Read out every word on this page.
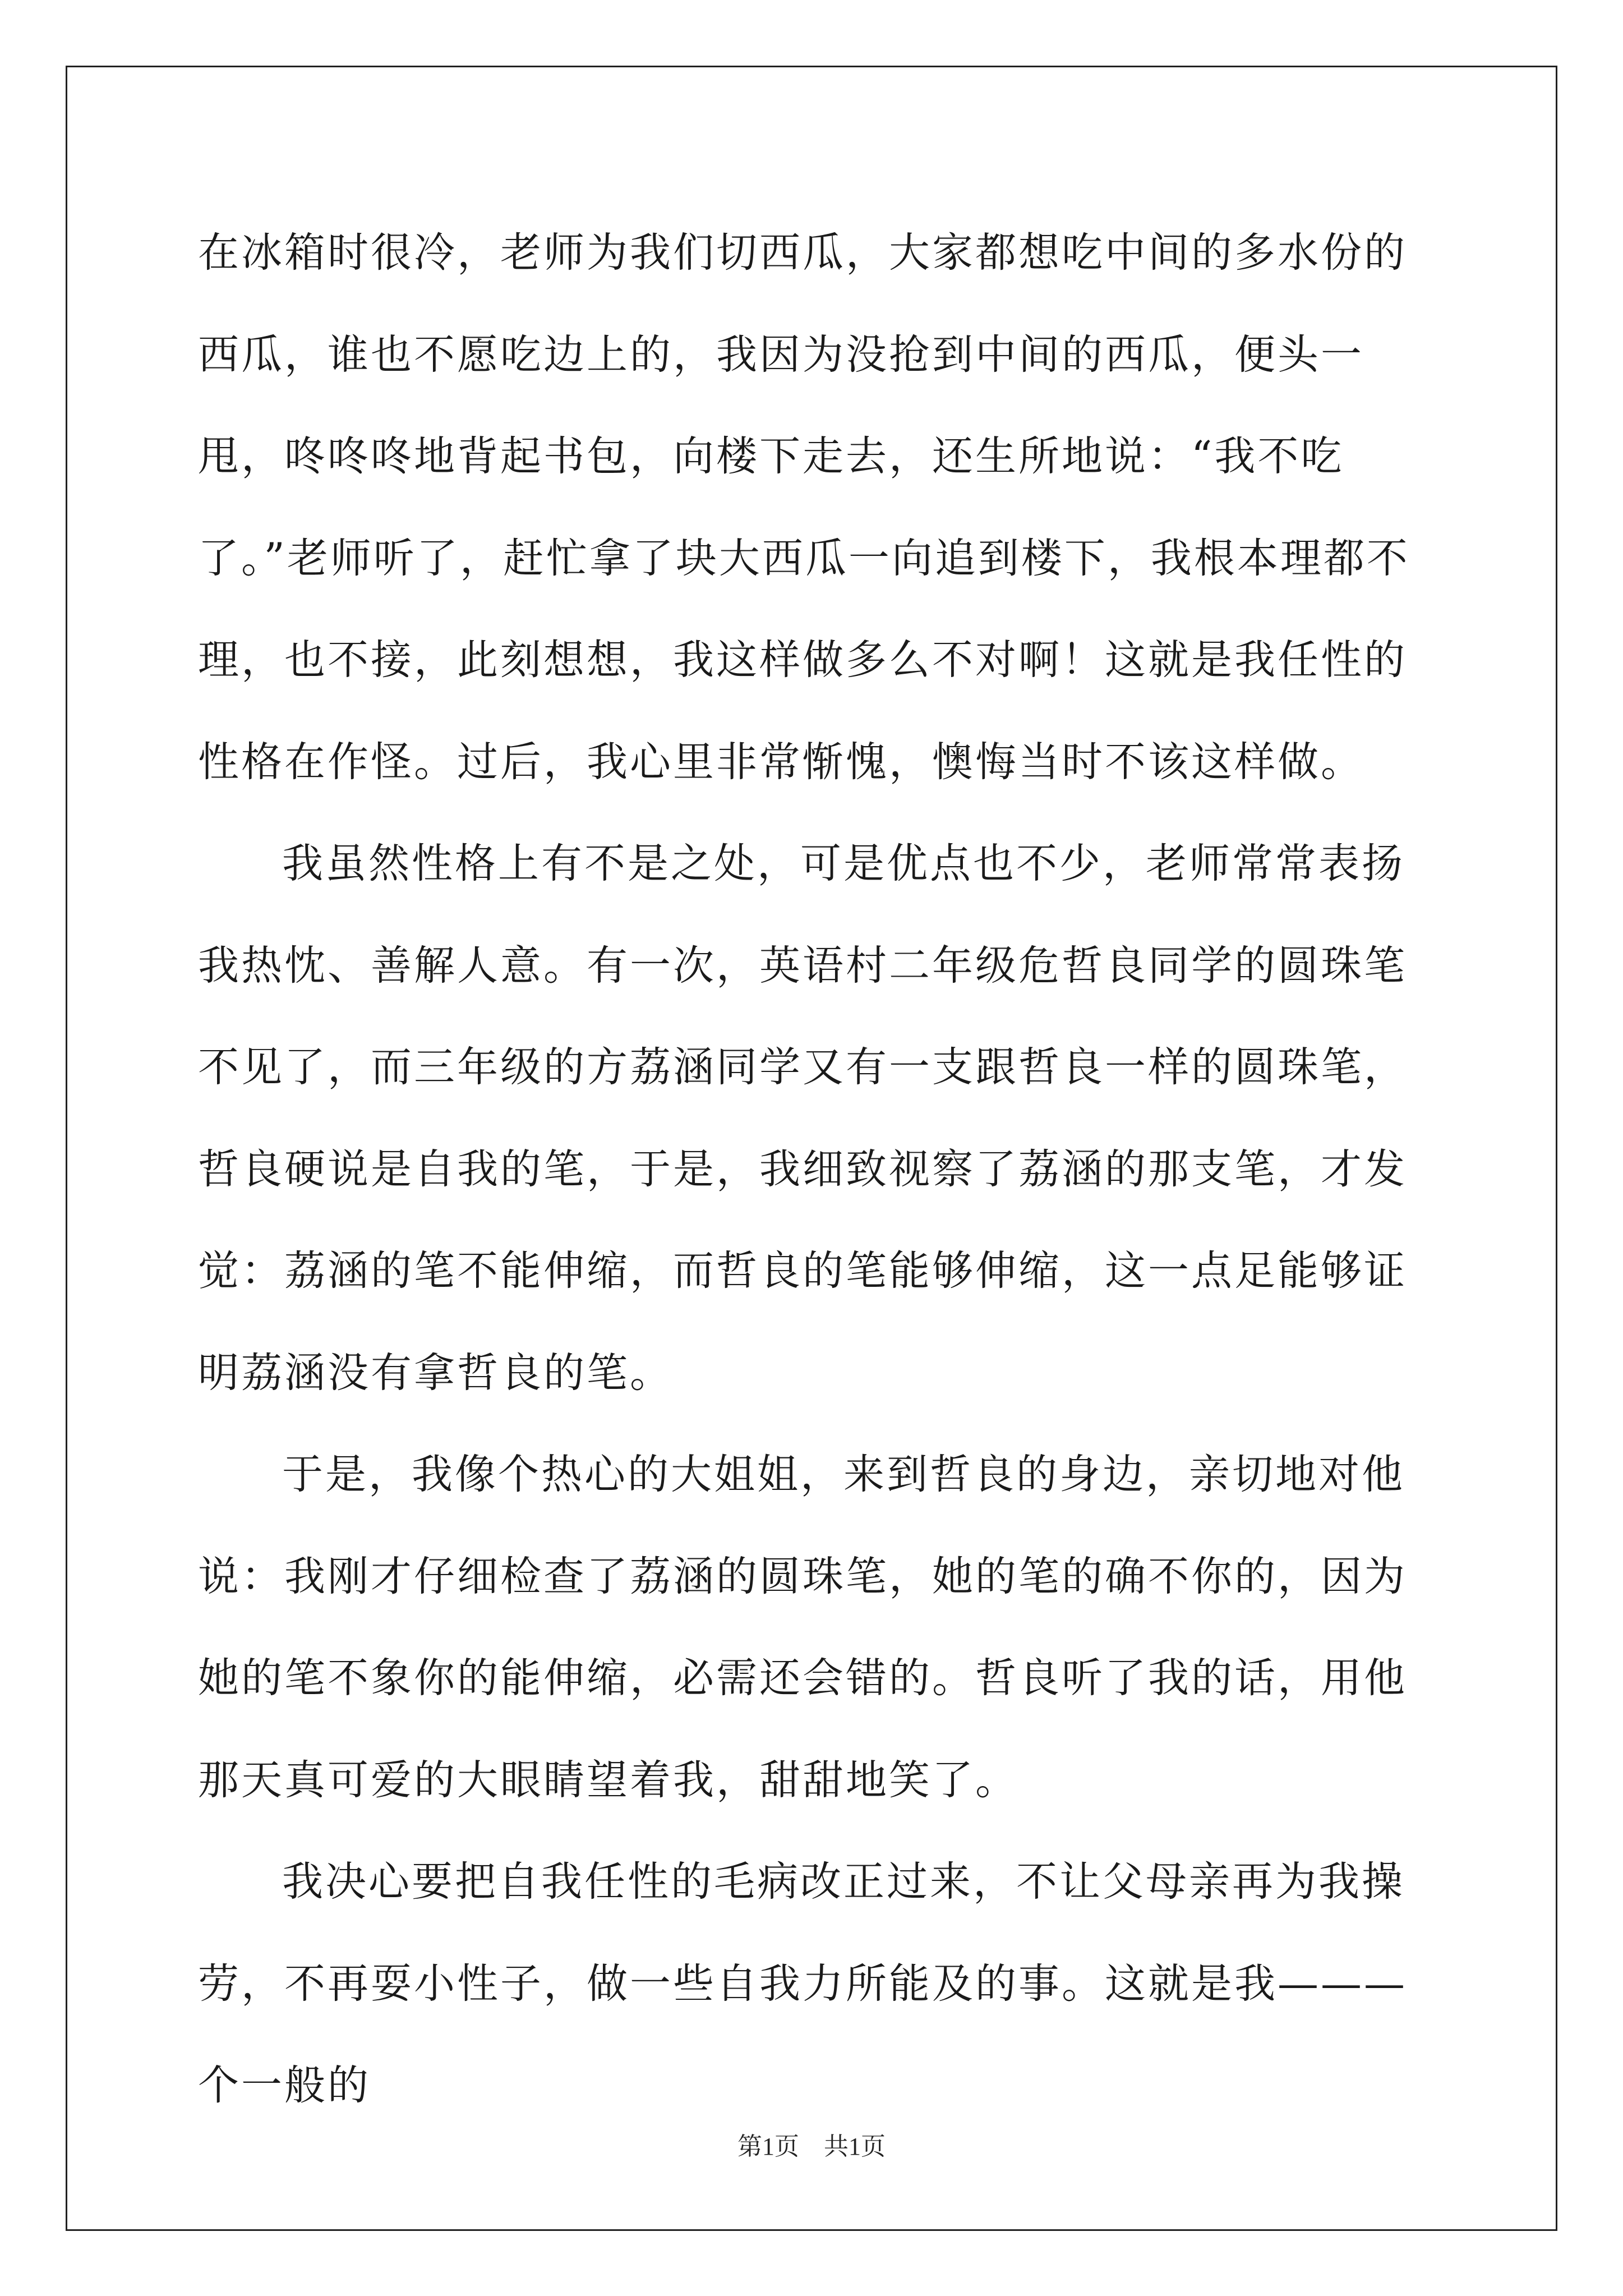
在冰箱时很冷，老师为我们切西瓜，大家都想吃中间的多水份的西瓜，谁也不愿吃边上的，我因为没抢到中间的西瓜，便头一甩，咚咚咚地背起书包，向楼下走去，还生所地说：“我不吃了。”老师听了，赶忙拿了块大西瓜一向追到楼下，我根本理都不理，也不接，此刻想想，我这样做多么不对啊！这就是我任性的性格在作怪。过后，我心里非常惭愧，懊悔当时不该这样做。

我虽然性格上有不是之处，可是优点也不少，老师常常表扬我热忱、善解人意。有一次，英语村二年级危哲良同学的圆珠笔不见了，而三年级的方荔涵同学又有一支跟哲良一样的圆珠笔，哲良硬说是自我的笔，于是，我细致视察了荔涵的那支笔，才发觉：荔涵的笔不能伸缩，而哲良的笔能够伸缩，这一点足能够证明荔涵没有拿哲良的笔。

于是，我像个热心的大姐姐，来到哲良的身边，亲切地对他说：我刚才仔细检查了荔涵的圆珠笔，她的笔的确不你的，因为她的笔不象你的能伸缩，必需还会错的。哲良听了我的话，用他那天真可爱的大眼睛望着我，甜甜地笑了。

我决心要把自我任性的毛病改正过来，不让父母亲再为我操劳，不再耍小性子，做一些自我力所能及的事。这就是我———个一般的

第1页　共1页
